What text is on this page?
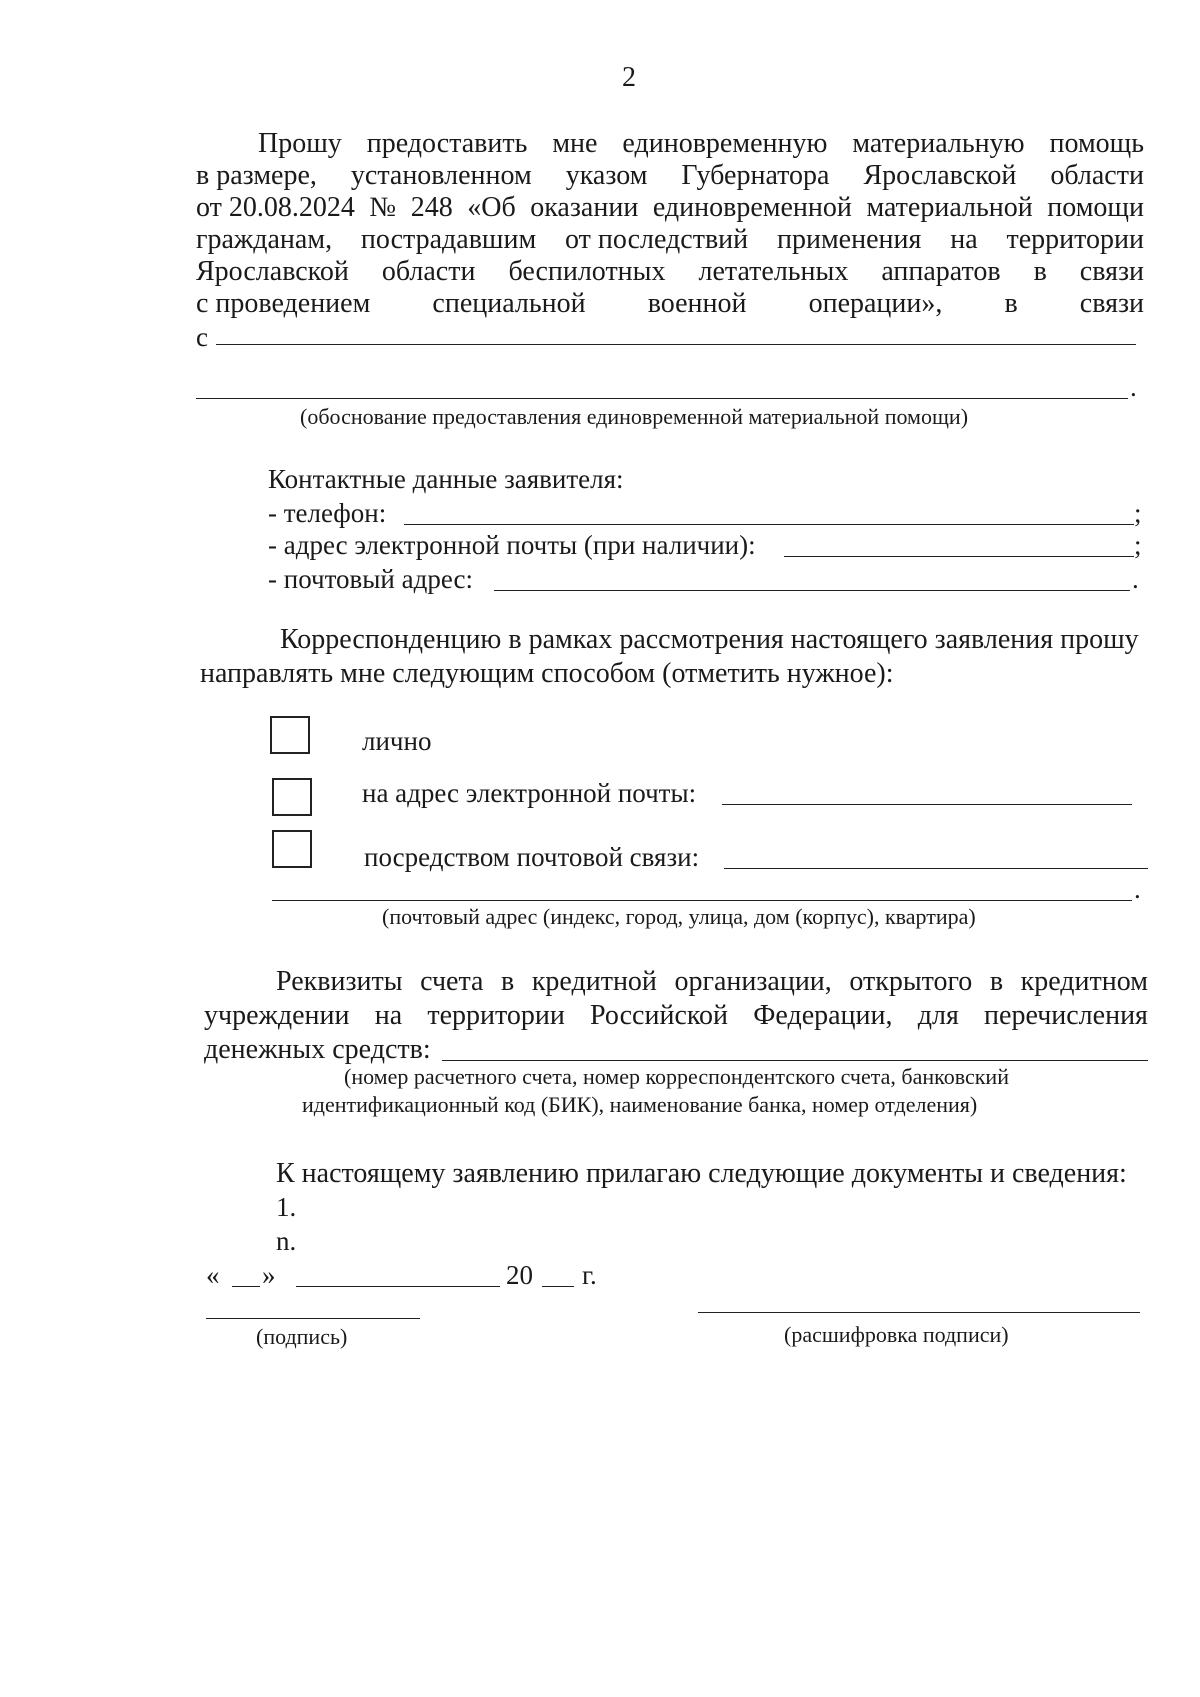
2
Прошу предоставить мне единовременную материальную помощь
в размере, установленном указом Губернатора Ярославской области
от 20.08.2024 № 248 «Об оказании единовременной материальной помощи
гражданам, пострадавшим от последствий применения на территории
Ярославской области беспилотных летательных аппаратов в связи
с проведением специальной военной операции», в связи
с
.
(обоснование предоставления единовременной материальной помощи)
Контактные данные заявителя:
- телефон:	;
- адрес электронной почты (при наличии):	;
- почтовый адрес:	.
Корреспонденцию в рамках рассмотрения настоящего заявления прошу
направлять мне следующим способом (отметить нужное):
лично
на адрес электронной почты:
посредством почтовой связи:
.
(почтовый адрес (индекс, город, улица, дом (корпус), квартира)
Реквизиты счета в кредитной организации, открытого в кредитном
учреждении на территории Российской Федерации, для перечисления
денежных средств:
(номер расчетного счета, номер корреспондентского счета, банковский
идентификационный код (БИК), наименование банка, номер отделения)
К настоящему заявлению прилагаю следующие документы и сведения:
1.
n.
« »	20 г.
(подпись)	(расшифровка подписи)
